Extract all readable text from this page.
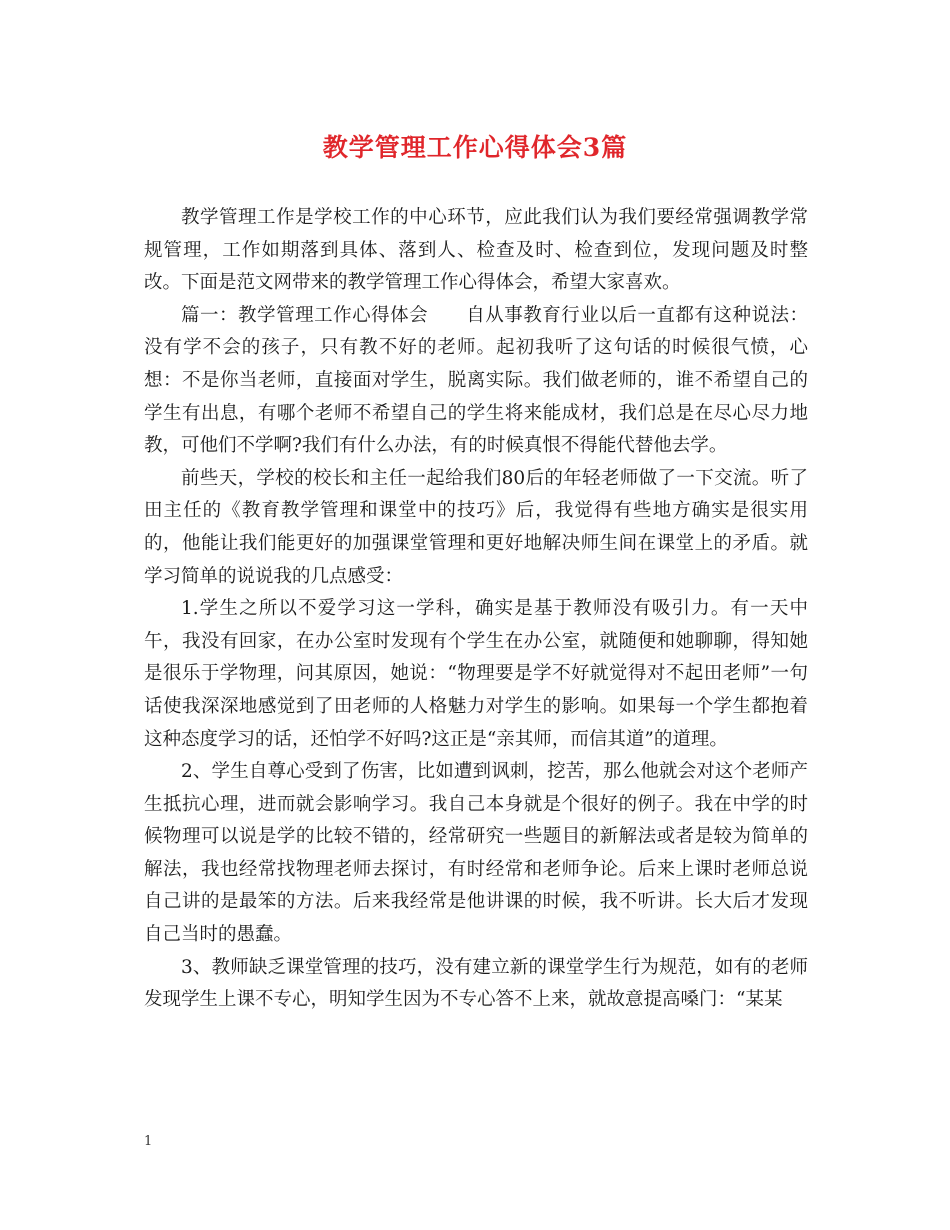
教学管理工作心得体会3篇

教学管理工作是学校工作的中心环节，应此我们认为我们要经常强调教学常规管理，工作如期落到具体、落到人、检查及时、检查到位，发现问题及时整改。下面是范文网带来的教学管理工作心得体会，希望大家喜欢。

篇一：教学管理工作心得体会　　自从事教育行业以后一直都有这种说法：没有学不会的孩子，只有教不好的老师。起初我听了这句话的时候很气愤，心想：不是你当老师，直接面对学生，脱离实际。我们做老师的，谁不希望自己的学生有出息，有哪个老师不希望自己的学生将来能成材，我们总是在尽心尽力地教，可他们不学啊?我们有什么办法，有的时候真恨不得能代替他去学。

前些天，学校的校长和主任一起给我们80后的年轻老师做了一下交流。听了田主任的《教育教学管理和课堂中的技巧》后，我觉得有些地方确实是很实用的，他能让我们能更好的加强课堂管理和更好地解决师生间在课堂上的矛盾。就学习简单的说说我的几点感受：

1.学生之所以不爱学习这一学科，确实是基于教师没有吸引力。有一天中午，我没有回家，在办公室时发现有个学生在办公室，就随便和她聊聊，得知她是很乐于学物理，问其原因，她说：“物理要是学不好就觉得对不起田老师”一句话使我深深地感觉到了田老师的人格魅力对学生的影响。如果每一个学生都抱着这种态度学习的话，还怕学不好吗?这正是“亲其师，而信其道”的道理。

2、学生自尊心受到了伤害，比如遭到讽刺，挖苦，那么他就会对这个老师产生抵抗心理，进而就会影响学习。我自己本身就是个很好的例子。我在中学的时候物理可以说是学的比较不错的，经常研究一些题目的新解法或者是较为简单的解法，我也经常找物理老师去探讨，有时经常和老师争论。后来上课时老师总说自己讲的是最笨的方法。后来我经常是他讲课的时候，我不听讲。长大后才发现自己当时的愚蠢。

3、教师缺乏课堂管理的技巧，没有建立新的课堂学生行为规范，如有的老师发现学生上课不专心，明知学生因为不专心答不上来，就故意提高嗓门：“某某

1
